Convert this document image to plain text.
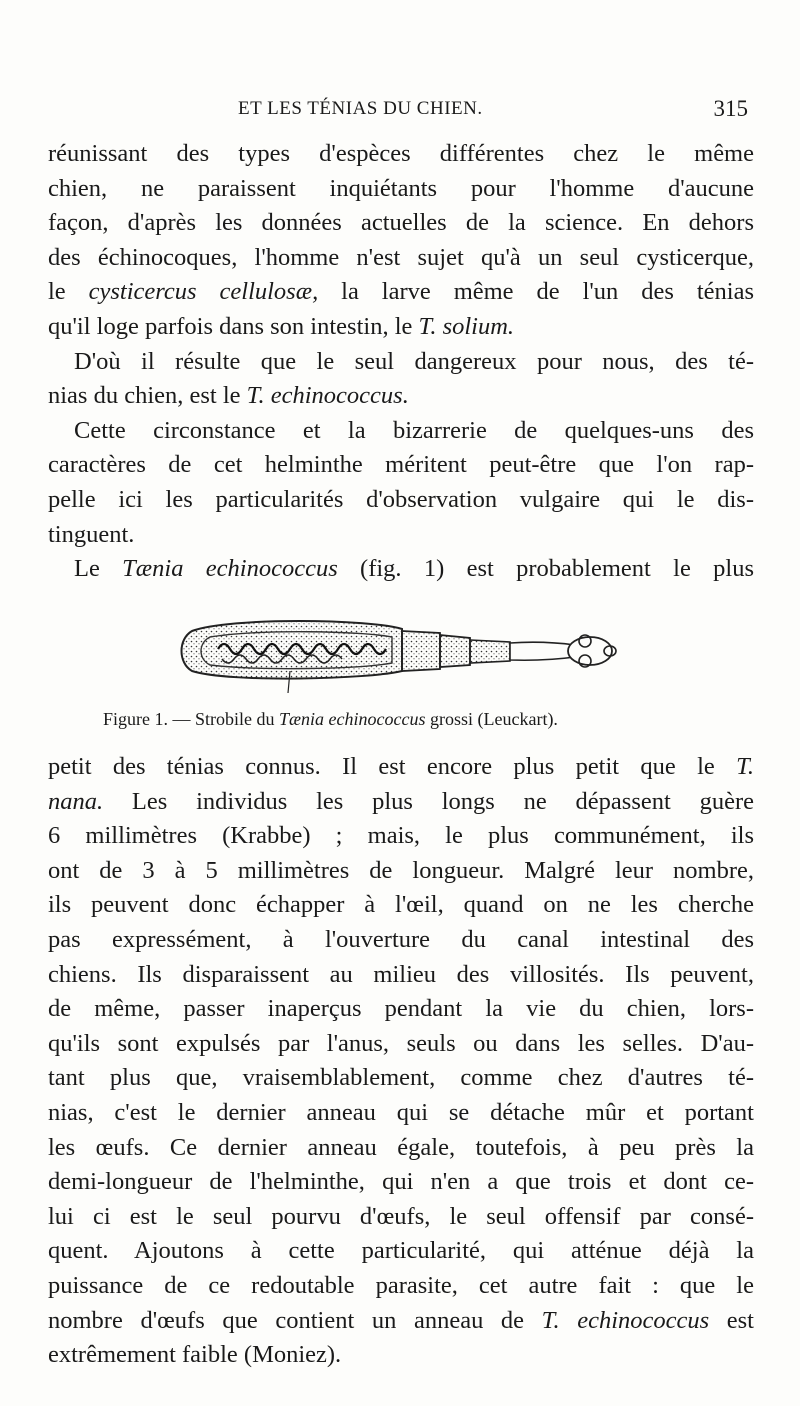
ET LES TÉNIAS DU CHIEN.	315
réunissant des types d'espèces différentes chez le même
chien, ne paraissent inquiétants pour l'homme d'aucune
façon, d'après les données actuelles de la science. En dehors
des échinocoques, l'homme n'est sujet qu'à un seul cysticerque,
le cysticercus cellulosæ, la larve même de l'un des ténias
qu'il loge parfois dans son intestin, le T. solium.
D'où il résulte que le seul dangereux pour nous, des té-
nias du chien, est le T. echinococcus.
Cette circonstance et la bizarrerie de quelques-uns des
caractères de cet helminthe méritent peut-être que l'on rap-
pelle ici les particularités d'observation vulgaire qui le dis-
tinguent.
Le Tænia echinococcus (fig. 1) est probablement le plus
Figure 1. — Strobile du Tænia echinococcus grossi (Leuckart).
petit des ténias connus. Il est encore plus petit que le T.
nana. Les individus les plus longs ne dépassent guère
6 millimètres (Krabbe) ; mais, le plus communément, ils
ont de 3 à 5 millimètres de longueur. Malgré leur nombre,
ils peuvent donc échapper à l'œil, quand on ne les cherche
pas expressément, à l'ouverture du canal intestinal des
chiens. Ils disparaissent au milieu des villosités. Ils peuvent,
de même, passer inaperçus pendant la vie du chien, lors-
qu'ils sont expulsés par l'anus, seuls ou dans les selles. D'au-
tant plus que, vraisemblablement, comme chez d'autres té-
nias, c'est le dernier anneau qui se détache mûr et portant
les œufs. Ce dernier anneau égale, toutefois, à peu près la
demi-longueur de l'helminthe, qui n'en a que trois et dont ce-
lui ci est le seul pourvu d'œufs, le seul offensif par consé-
quent. Ajoutons à cette particularité, qui atténue déjà la
puissance de ce redoutable parasite, cet autre fait : que le
nombre d'œufs que contient un anneau de T. echinococcus est
extrêmement faible (Moniez).
